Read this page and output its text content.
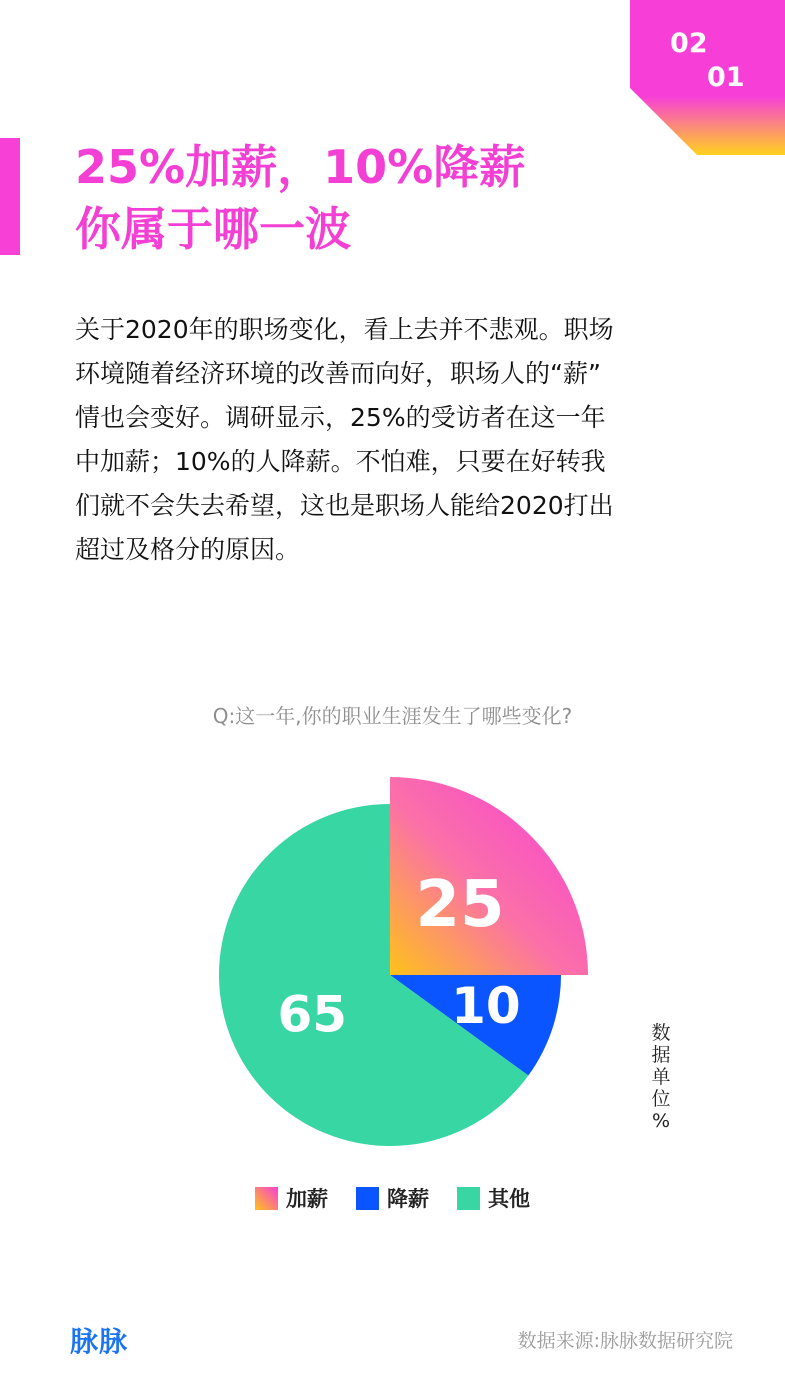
02
01
25%加薪，10%降薪
你属于哪一波
关于2020年的职场变化，看上去并不悲观。职场
环境随着经济环境的改善而向好，职场人的“薪”
情也会变好。调研显示，25%的受访者在这一年
中加薪；10%的人降薪。不怕难，只要在好转我
们就不会失去希望，这也是职场人能给2020打出
超过及格分的原因。
Q:这一年,你的职业生涯发生了哪些变化?
25
10
65	数
据
单
位
%
加薪	降薪	其他
脉脉	数据来源:脉脉数据研究院
